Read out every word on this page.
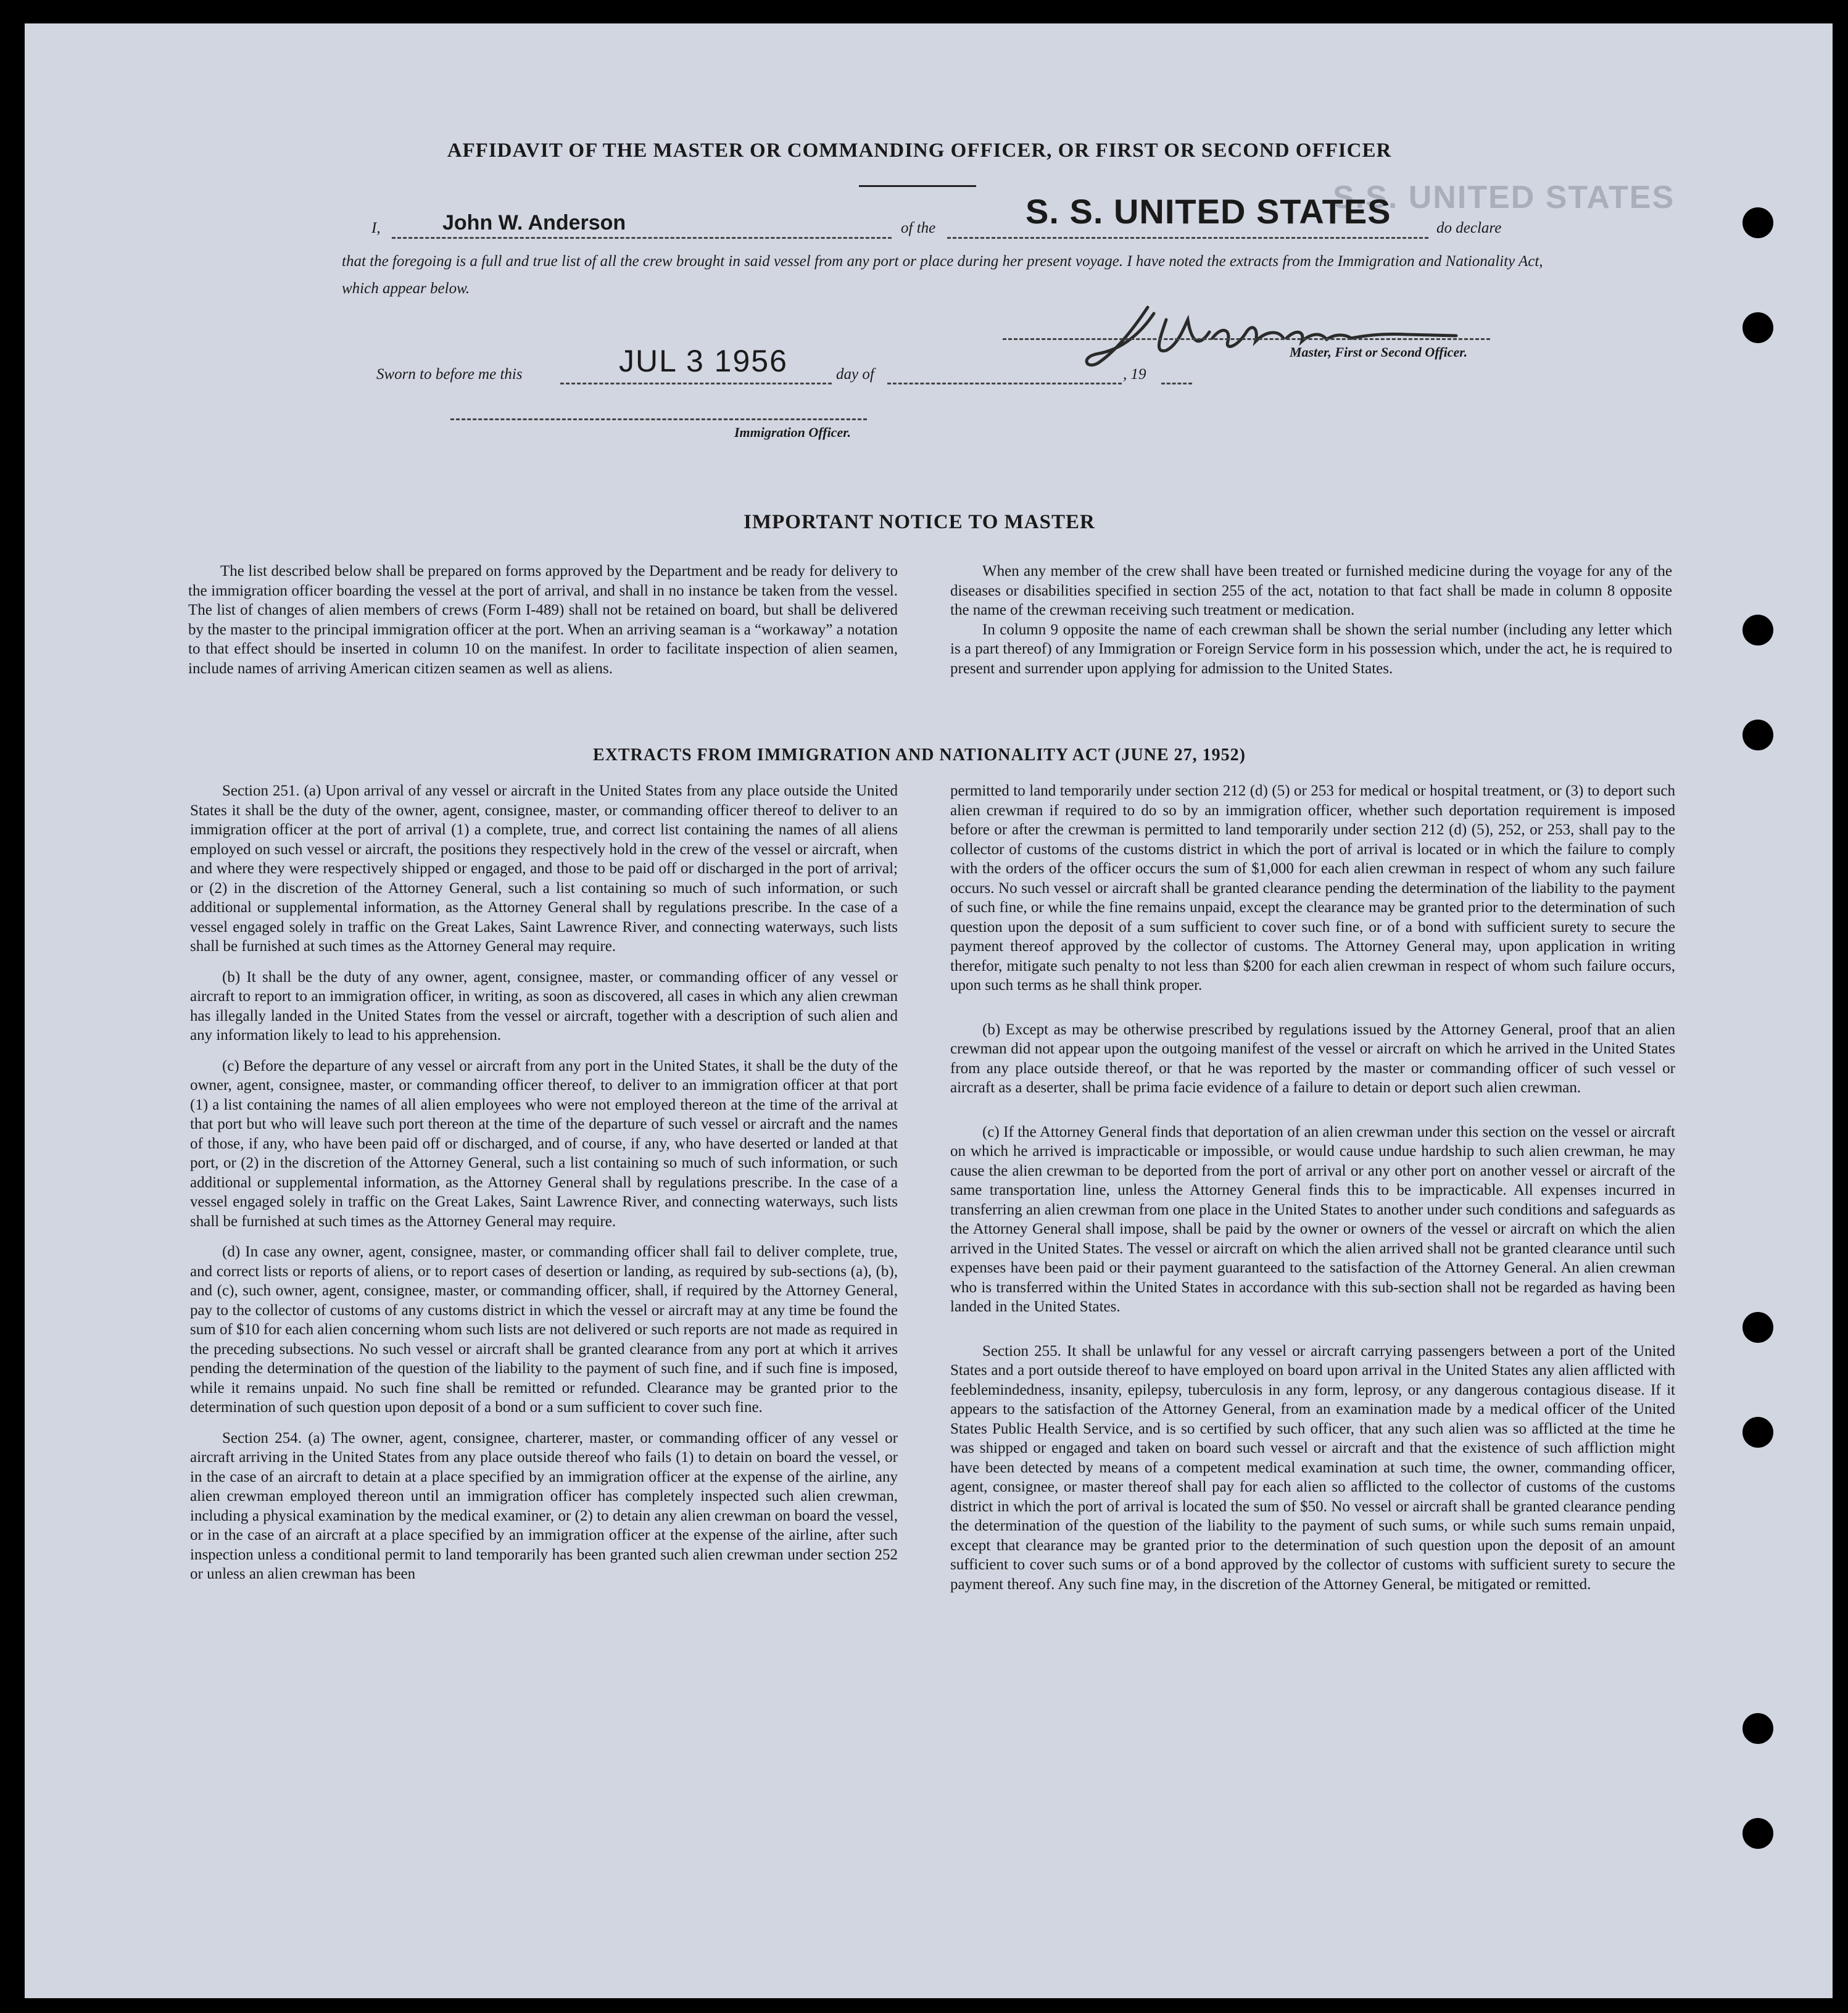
S.S. UNITED STATES
AFFIDAVIT OF THE MASTER OR COMMANDING OFFICER, OR FIRST OR SECOND OFFICER
I,	John W. Anderson	of the	S. S. UNITED STATES	do declare
that the foregoing is a full and true list of all the crew brought in said vessel from any port or place during her present voyage. I have noted the extracts from the Immigration and Nationality Act, which appear below.
Master, First or Second Officer.
Sworn to before me this	JUL 3 1956	day of	, 19
Immigration Officer.
IMPORTANT NOTICE TO MASTER

The list described below shall be prepared on forms approved by the Department and be ready for delivery to the immigration officer boarding the vessel at the port of arrival, and shall in no instance be taken from the vessel. The list of changes of alien members of crews (Form I-489) shall not be retained on board, but shall be delivered by the master to the principal immigration officer at the port. When an arriving seaman is a “workaway” a notation to that effect should be inserted in column 10 on the manifest. In order to facilitate inspection of alien seamen, include names of arriving American citizen seamen as well as aliens.

When any member of the crew shall have been treated or furnished medicine during the voyage for any of the diseases or disabilities specified in section 255 of the act, notation to that fact shall be made in column 8 opposite the name of the crewman receiving such treatment or medication.

In column 9 opposite the name of each crewman shall be shown the serial number (including any letter which is a part thereof) of any Immigration or Foreign Service form in his possession which, under the act, he is required to present and surrender upon applying for admission to the United States.

EXTRACTS FROM IMMIGRATION AND NATIONALITY ACT (JUNE 27, 1952)

Section 251. (a) Upon arrival of any vessel or aircraft in the United States from any place outside the United States it shall be the duty of the owner, agent, consignee, master, or commanding officer thereof to deliver to an immigration officer at the port of arrival (1) a complete, true, and correct list containing the names of all aliens employed on such vessel or aircraft, the positions they respectively hold in the crew of the vessel or aircraft, when and where they were respectively shipped or engaged, and those to be paid off or discharged in the port of arrival; or (2) in the discretion of the Attorney General, such a list containing so much of such information, or such additional or supplemental information, as the Attorney General shall by regulations prescribe. In the case of a vessel engaged solely in traffic on the Great Lakes, Saint Lawrence River, and connecting waterways, such lists shall be furnished at such times as the Attorney General may require.

(b) It shall be the duty of any owner, agent, consignee, master, or commanding officer of any vessel or aircraft to report to an immigration officer, in writing, as soon as discovered, all cases in which any alien crewman has illegally landed in the United States from the vessel or aircraft, together with a description of such alien and any information likely to lead to his apprehension.

(c) Before the departure of any vessel or aircraft from any port in the United States, it shall be the duty of the owner, agent, consignee, master, or commanding officer thereof, to deliver to an immigration officer at that port (1) a list containing the names of all alien employees who were not employed thereon at the time of the arrival at that port but who will leave such port thereon at the time of the departure of such vessel or aircraft and the names of those, if any, who have been paid off or discharged, and of course, if any, who have deserted or landed at that port, or (2) in the discretion of the Attorney General, such a list containing so much of such information, or such additional or supplemental information, as the Attorney General shall by regulations prescribe. In the case of a vessel engaged solely in traffic on the Great Lakes, Saint Lawrence River, and connecting waterways, such lists shall be furnished at such times as the Attorney General may require.

(d) In case any owner, agent, consignee, master, or commanding officer shall fail to deliver complete, true, and correct lists or reports of aliens, or to report cases of desertion or landing, as required by sub-sections (a), (b), and (c), such owner, agent, consignee, master, or commanding officer, shall, if required by the Attorney General, pay to the collector of customs of any customs district in which the vessel or aircraft may at any time be found the sum of $10 for each alien concerning whom such lists are not delivered or such reports are not made as required in the preceding subsections. No such vessel or aircraft shall be granted clearance from any port at which it arrives pending the determination of the question of the liability to the payment of such fine, and if such fine is imposed, while it remains unpaid. No such fine shall be remitted or refunded. Clearance may be granted prior to the determination of such question upon deposit of a bond or a sum sufficient to cover such fine.

Section 254. (a) The owner, agent, consignee, charterer, master, or commanding officer of any vessel or aircraft arriving in the United States from any place outside thereof who fails (1) to detain on board the vessel, or in the case of an aircraft to detain at a place specified by an immigration officer at the expense of the airline, any alien crewman employed thereon until an immigration officer has completely inspected such alien crewman, including a physical examination by the medical examiner, or (2) to detain any alien crewman on board the vessel, or in the case of an aircraft at a place specified by an immigration officer at the expense of the airline, after such inspection unless a conditional permit to land temporarily has been granted such alien crewman under section 252 or unless an alien crewman has been

permitted to land temporarily under section 212 (d) (5) or 253 for medical or hospital treatment, or (3) to deport such alien crewman if required to do so by an immigration officer, whether such deportation requirement is imposed before or after the crewman is permitted to land temporarily under section 212 (d) (5), 252, or 253, shall pay to the collector of customs of the customs district in which the port of arrival is located or in which the failure to comply with the orders of the officer occurs the sum of $1,000 for each alien crewman in respect of whom any such failure occurs. No such vessel or aircraft shall be granted clearance pending the determination of the liability to the payment of such fine, or while the fine remains unpaid, except the clearance may be granted prior to the determination of such question upon the deposit of a sum sufficient to cover such fine, or of a bond with sufficient surety to secure the payment thereof approved by the collector of customs. The Attorney General may, upon application in writing therefor, mitigate such penalty to not less than $200 for each alien crewman in respect of whom such failure occurs, upon such terms as he shall think proper.

(b) Except as may be otherwise prescribed by regulations issued by the Attorney General, proof that an alien crewman did not appear upon the outgoing manifest of the vessel or aircraft on which he arrived in the United States from any place outside thereof, or that he was reported by the master or commanding officer of such vessel or aircraft as a deserter, shall be prima facie evidence of a failure to detain or deport such alien crewman.

(c) If the Attorney General finds that deportation of an alien crewman under this section on the vessel or aircraft on which he arrived is impracticable or impossible, or would cause undue hardship to such alien crewman, he may cause the alien crewman to be deported from the port of arrival or any other port on another vessel or aircraft of the same transportation line, unless the Attorney General finds this to be impracticable. All expenses incurred in transferring an alien crewman from one place in the United States to another under such conditions and safeguards as the Attorney General shall impose, shall be paid by the owner or owners of the vessel or aircraft on which the alien arrived in the United States. The vessel or aircraft on which the alien arrived shall not be granted clearance until such expenses have been paid or their payment guaranteed to the satisfaction of the Attorney General. An alien crewman who is transferred within the United States in accordance with this sub-section shall not be regarded as having been landed in the United States.

Section 255. It shall be unlawful for any vessel or aircraft carrying passengers between a port of the United States and a port outside thereof to have employed on board upon arrival in the United States any alien afflicted with feeblemindedness, insanity, epilepsy, tuberculosis in any form, leprosy, or any dangerous contagious disease. If it appears to the satisfaction of the Attorney General, from an examination made by a medical officer of the United States Public Health Service, and is so certified by such officer, that any such alien was so afflicted at the time he was shipped or engaged and taken on board such vessel or aircraft and that the existence of such affliction might have been detected by means of a competent medical examination at such time, the owner, commanding officer, agent, consignee, or master thereof shall pay for each alien so afflicted to the collector of customs of the customs district in which the port of arrival is located the sum of $50. No vessel or aircraft shall be granted clearance pending the determination of the question of the liability to the payment of such sums, or while such sums remain unpaid, except that clearance may be granted prior to the determination of such question upon the deposit of an amount sufficient to cover such sums or of a bond approved by the collector of customs with sufficient surety to secure the payment thereof. Any such fine may, in the discretion of the Attorney General, be mitigated or remitted.
